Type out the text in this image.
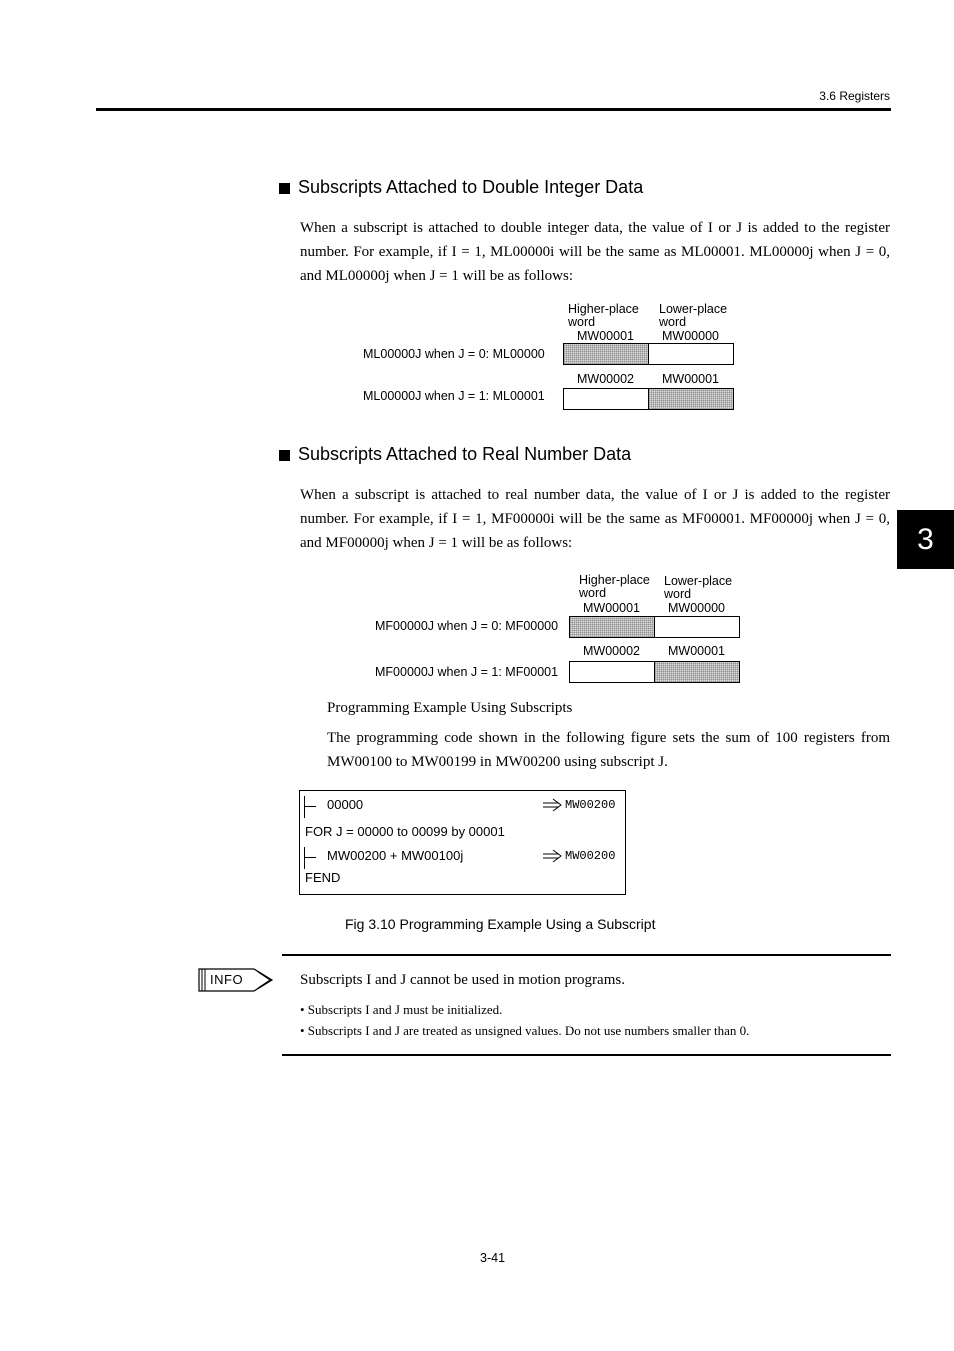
3.6 Registers
3
Subscripts Attached to Double Integer Data
When a subscript is attached to double integer data, the value of I or J is added to the register number. For example, if I = 1, ML00000i will be the same as ML00001. ML00000j when J = 0, and ML00000j when J = 1 will be as follows:
Higher-place word
Lower-place word
MW00001 MW00000
ML00000J when J = 0: ML00000
MW00002 MW00001
ML00000J when J = 1: ML00001
Subscripts Attached to Real Number Data
When a subscript is attached to real number data, the value of I or J is added to the register number. For example, if I = 1, MF00000i will be the same as MF00001. MF00000j when J = 0, and MF00000j when J = 1 will be as follows:
Higher-place word
Lower-place word
MW00001 MW00000
MF00000J when J = 0: MF00000
MW00002 MW00001
MF00000J when J = 1: MF00001
Programming Example Using Subscripts
The programming code shown in the following figure sets the sum of 100 registers from MW00100 to MW00199 in MW00200 using subscript J.
00000	MW00200
FOR J = 00000 to 00099 by 00001
MW00200 + MW00100j	MW00200
FEND
Fig 3.10 Programming Example Using a Subscript
INFO	Subscripts I and J cannot be used in motion programs.
• Subscripts I and J must be initialized.
• Subscripts I and J are treated as unsigned values. Do not use numbers smaller than 0.
3-41
